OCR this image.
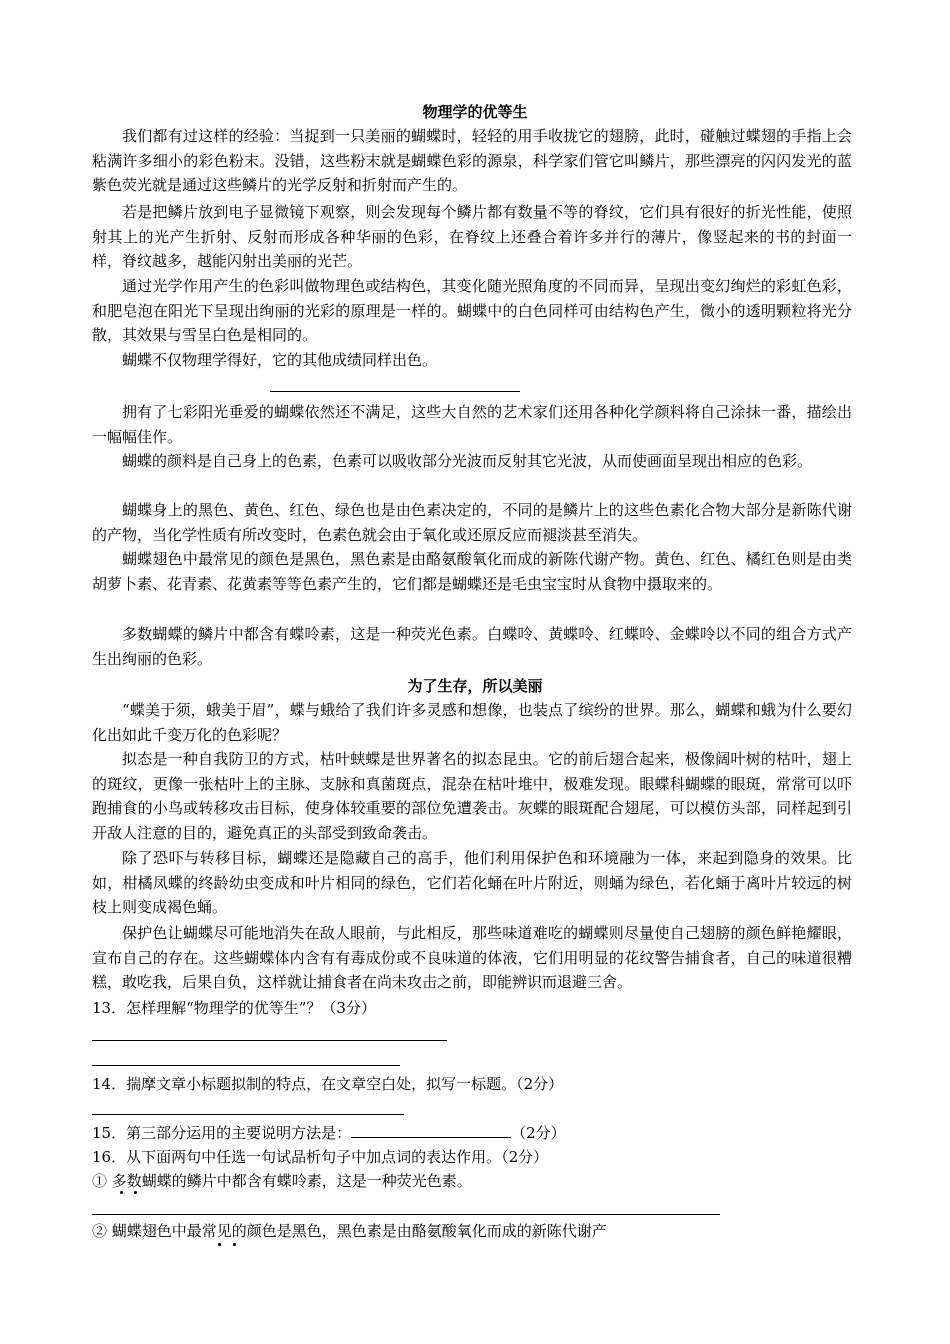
物理学的优等生

我们都有过这样的经验：当捉到一只美丽的蝴蝶时，轻轻的用手收拢它的翅膀，此时，碰触过蝶翅的手指上会粘满许多细小的彩色粉末。没错，这些粉末就是蝴蝶色彩的源泉，科学家们管它叫鳞片，那些漂亮的闪闪发光的蓝紫色荧光就是通过这些鳞片的光学反射和折射而产生的。

若是把鳞片放到电子显微镜下观察，则会发现每个鳞片都有数量不等的脊纹，它们具有很好的折光性能，使照射其上的光产生折射、反射而形成各种华丽的色彩，在脊纹上还叠合着许多并行的薄片，像竖起来的书的封面一样，脊纹越多，越能闪射出美丽的光芒。

通过光学作用产生的色彩叫做物理色或结构色，其变化随光照角度的不同而异，呈现出变幻绚烂的彩虹色彩，和肥皂泡在阳光下呈现出绚丽的光彩的原理是一样的。蝴蝶中的白色同样可由结构色产生，微小的透明颗粒将光分散，其效果与雪呈白色是相同的。

蝴蝶不仅物理学得好，它的其他成绩同样出色。

拥有了七彩阳光垂爱的蝴蝶依然还不满足，这些大自然的艺术家们还用各种化学颜料将自己涂抹一番，描绘出一幅幅佳作。

蝴蝶的颜料是自己身上的色素，色素可以吸收部分光波而反射其它光波，从而使画面呈现出相应的色彩。

蝴蝶身上的黑色、黄色、红色、绿色也是由色素决定的，不同的是鳞片上的这些色素化合物大部分是新陈代谢的产物，当化学性质有所改变时，色素色就会由于氧化或还原反应而褪淡甚至消失。

蝴蝶翅色中最常见的颜色是黑色，黑色素是由酪氨酸氧化而成的新陈代谢产物。黄色、红色、橘红色则是由类胡萝卜素、花青素、花黄素等等色素产生的，它们都是蝴蝶还是毛虫宝宝时从食物中摄取来的。

多数蝴蝶的鳞片中都含有蝶呤素，这是一种荧光色素。白蝶呤、黄蝶呤、红蝶呤、金蝶呤以不同的组合方式产生出绚丽的色彩。

为了生存，所以美丽

“蝶美于须，蛾美于眉”，蝶与蛾给了我们许多灵感和想像，也装点了缤纷的世界。那么，蝴蝶和蛾为什么要幻化出如此千变万化的色彩呢？

拟态是一种自我防卫的方式，枯叶蛱蝶是世界著名的拟态昆虫。它的前后翅合起来，极像阔叶树的枯叶，翅上的斑纹，更像一张枯叶上的主脉、支脉和真菌斑点，混杂在枯叶堆中，极难发现。眼蝶科蝴蝶的眼斑，常常可以吓跑捕食的小鸟或转移攻击目标，使身体较重要的部位免遭袭击。灰蝶的眼斑配合翅尾，可以模仿头部，同样起到引开敌人注意的目的，避免真正的头部受到致命袭击。

除了恐吓与转移目标，蝴蝶还是隐藏自己的高手，他们利用保护色和环境融为一体，来起到隐身的效果。比如，柑橘凤蝶的终龄幼虫变成和叶片相同的绿色，它们若化蛹在叶片附近，则蛹为绿色，若化蛹于离叶片较远的树枝上则变成褐色蛹。

保护色让蝴蝶尽可能地消失在敌人眼前，与此相反，那些味道难吃的蝴蝶则尽量使自己翅膀的颜色鲜艳耀眼，宣布自己的存在。这些蝴蝶体内含有有毒成份或不良味道的体液，它们用明显的花纹警告捕食者，自己的味道很糟糕，敢吃我，后果自负，这样就让捕食者在尚未攻击之前，即能辨识而退避三舍。

13．怎样理解“物理学的优等生”？（3分）
14．揣摩文章小标题拟制的特点，在文章空白处，拟写一标题。（2分）
15．第三部分运用的主要说明方法是：	（2分）
16．从下面两句中任选一句试品析句子中加点词的表达作用。（2分）
① 多数蝴蝶的鳞片中都含有蝶呤素，这是一种荧光色素。
② 蝴蝶翅色中最常见的颜色是黑色，黑色素是由酪氨酸氧化而成的新陈代谢产
